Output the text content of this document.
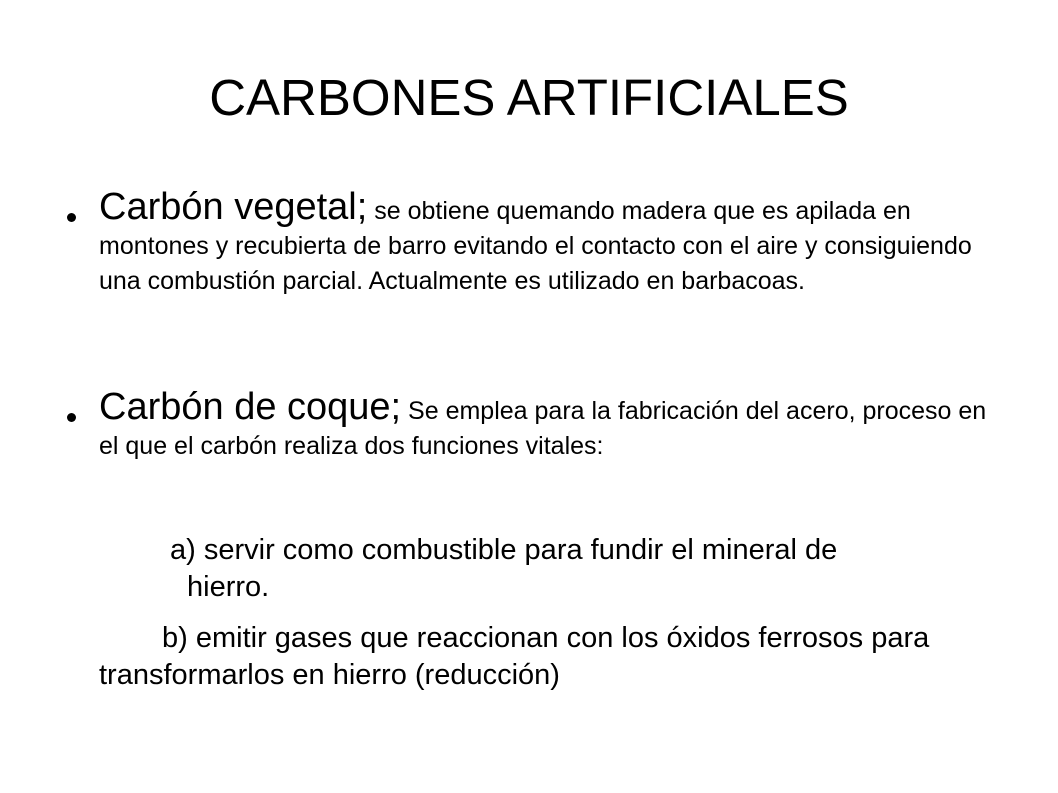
CARBONES ARTIFICIALES

Carbón vegetal; se obtiene quemando madera que es apilada en montones y recubierta de barro evitando el contacto con el aire y consiguiendo una combustión parcial. Actualmente es utilizado en barbacoas.

Carbón de coque; Se emplea para la fabricación del acero, proceso en el que el carbón realiza dos funciones vitales:

a) servir como combustible para fundir el mineral de
hierro.

b) emitir gases que reaccionan con los óxidos ferrosos para transformarlos en hierro (reducción)
